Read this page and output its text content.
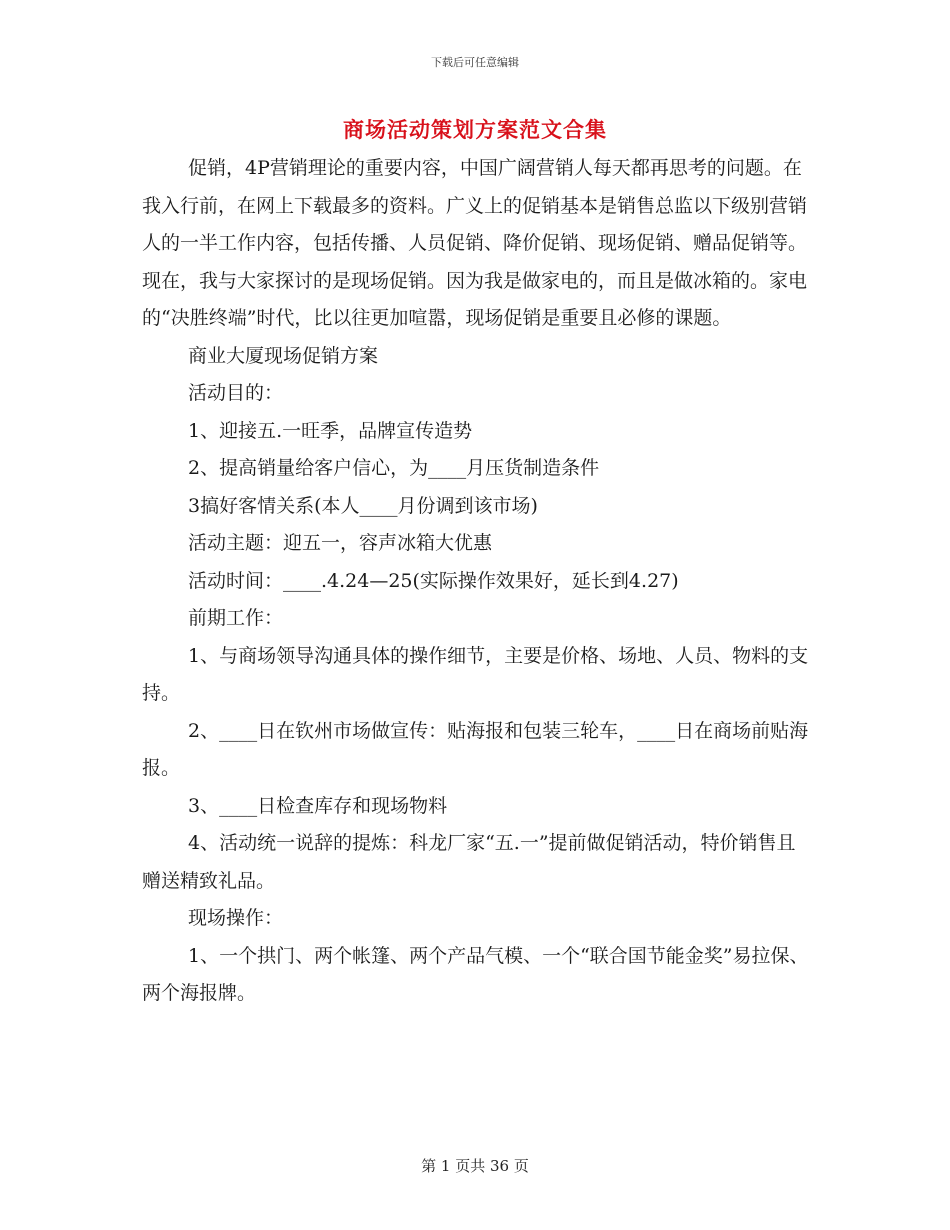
下载后可任意编辑
商场活动策划方案范文合集

促销，4P营销理论的重要内容，中国广阔营销人每天都再思考的问题。在我入行前，在网上下载最多的资料。广义上的促销基本是销售总监以下级别营销人的一半工作内容，包括传播、人员促销、降价促销、现场促销、赠品促销等。现在，我与大家探讨的是现场促销。因为我是做家电的，而且是做冰箱的。家电的“决胜终端”时代，比以往更加喧嚣，现场促销是重要且必修的课题。

商业大厦现场促销方案

活动目的：

1、迎接五.一旺季，品牌宣传造势

2、提高销量给客户信心，为____月压货制造条件

3搞好客情关系(本人____月份调到该市场)

活动主题：迎五一，容声冰箱大优惠

活动时间：____.4.24—25(实际操作效果好，延长到4.27)

前期工作：

1、与商场领导沟通具体的操作细节，主要是价格、场地、人员、物料的支持。

2、____日在钦州市场做宣传：贴海报和包装三轮车，____日在商场前贴海报。

3、____日检查库存和现场物料

4、活动统一说辞的提炼：科龙厂家“五.一”提前做促销活动，特价销售且赠送精致礼品。

现场操作：

1、一个拱门、两个帐篷、两个产品气模、一个“联合国节能金奖”易拉保、两个海报牌。

第 1 页共 36 页
